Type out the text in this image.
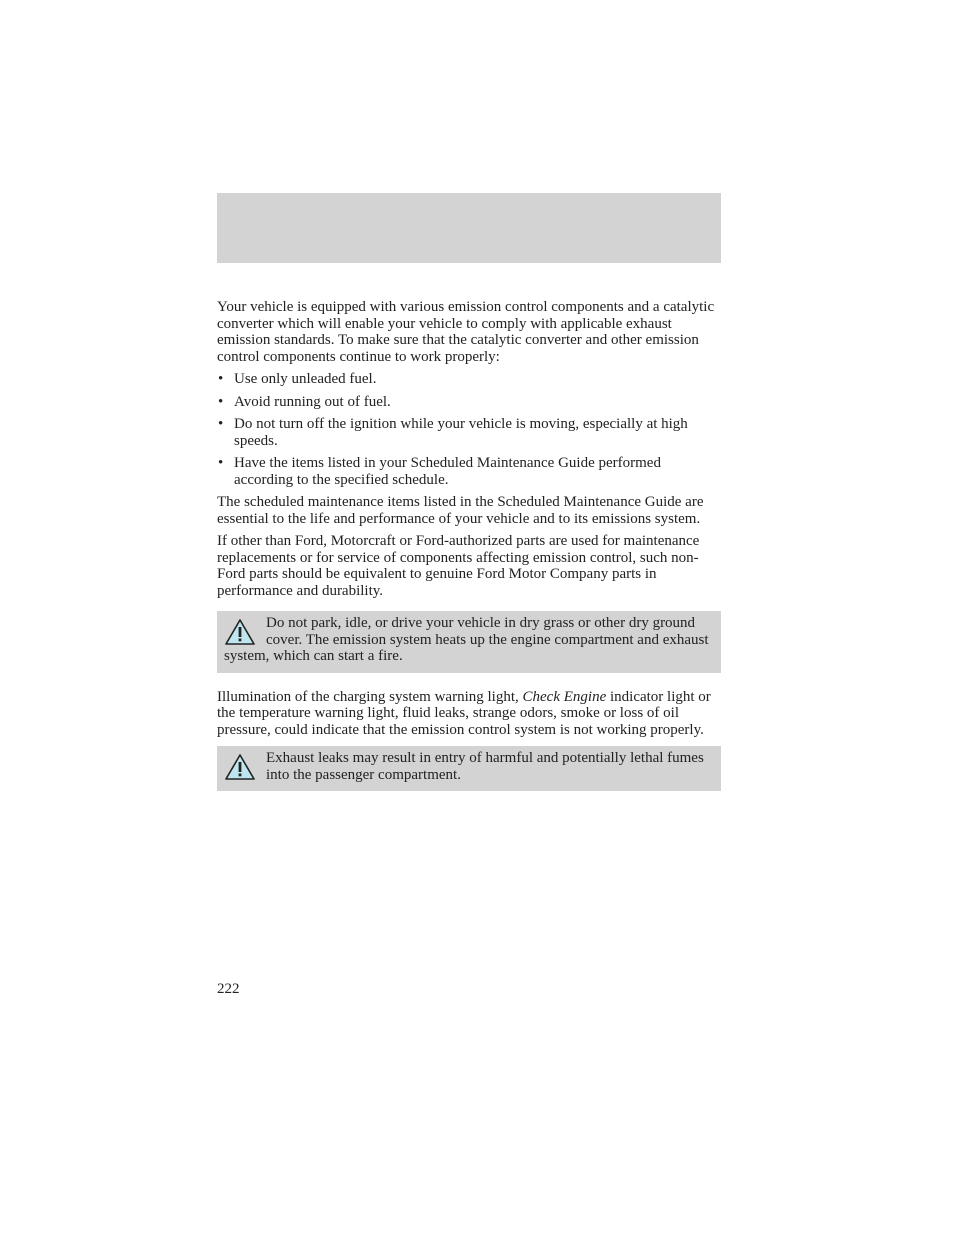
Your vehicle is equipped with various emission control components and a catalytic converter which will enable your vehicle to comply with applicable exhaust emission standards. To make sure that the catalytic converter and other emission control components continue to work properly:

• Use only unleaded fuel.
• Avoid running out of fuel.
• Do not turn off the ignition while your vehicle is moving, especially at high speeds.
• Have the items listed in your Scheduled Maintenance Guide performed according to the specified schedule.

The scheduled maintenance items listed in the Scheduled Maintenance Guide are essential to the life and performance of your vehicle and to its emissions system.

If other than Ford, Motorcraft or Ford-authorized parts are used for maintenance replacements or for service of components affecting emission control, such non-Ford parts should be equivalent to genuine Ford Motor Company parts in performance and durability.

Do not park, idle, or drive your vehicle in dry grass or other dry ground cover. The emission system heats up the engine compartment and exhaust system, which can start a fire.

Illumination of the charging system warning light, Check Engine indicator light or the temperature warning light, fluid leaks, strange odors, smoke or loss of oil pressure, could indicate that the emission control system is not working properly.

Exhaust leaks may result in entry of harmful and potentially lethal fumes into the passenger compartment.

222
